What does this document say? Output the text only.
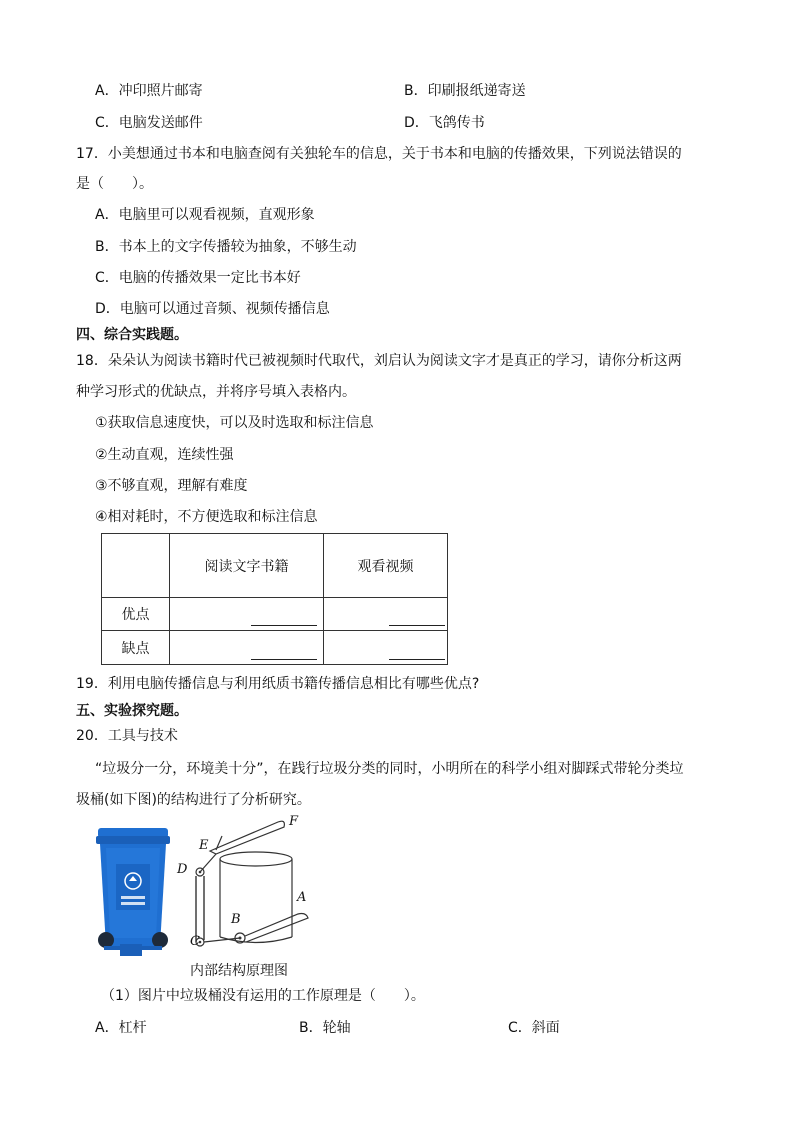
A．冲印照片邮寄	B．印刷报纸递寄送
C．电脑发送邮件	D．飞鸽传书
17．小美想通过书本和电脑查阅有关独轮车的信息，关于书本和电脑的传播效果，下列说法错误的
是（　　）。
A．电脑里可以观看视频，直观形象
B．书本上的文字传播较为抽象，不够生动
C．电脑的传播效果一定比书本好
D．电脑可以通过音频、视频传播信息
四、综合实践题。
18．朵朵认为阅读书籍时代已被视频时代取代，刘启认为阅读文字才是真正的学习，请你分析这两
种学习形式的优缺点，并将序号填入表格内。
①获取信息速度快，可以及时选取和标注信息
②生动直观，连续性强
③不够直观，理解有难度
④相对耗时，不方便选取和标注信息
	阅读文字书籍	观看视频
优点		
缺点		
19．利用电脑传播信息与利用纸质书籍传播信息相比有哪些优点?
五、实验探究题。
20．工具与技术
“垃圾分一分，环境美十分”，在践行垃圾分类的同时，小明所在的科学小组对脚踩式带轮分类垃
圾桶(如下图)的结构进行了分析研究。
F
E
D
A
B
C
内部结构原理图
（1）图片中垃圾桶没有运用的工作原理是（　　）。
A．杠杆	B．轮轴	C．斜面
